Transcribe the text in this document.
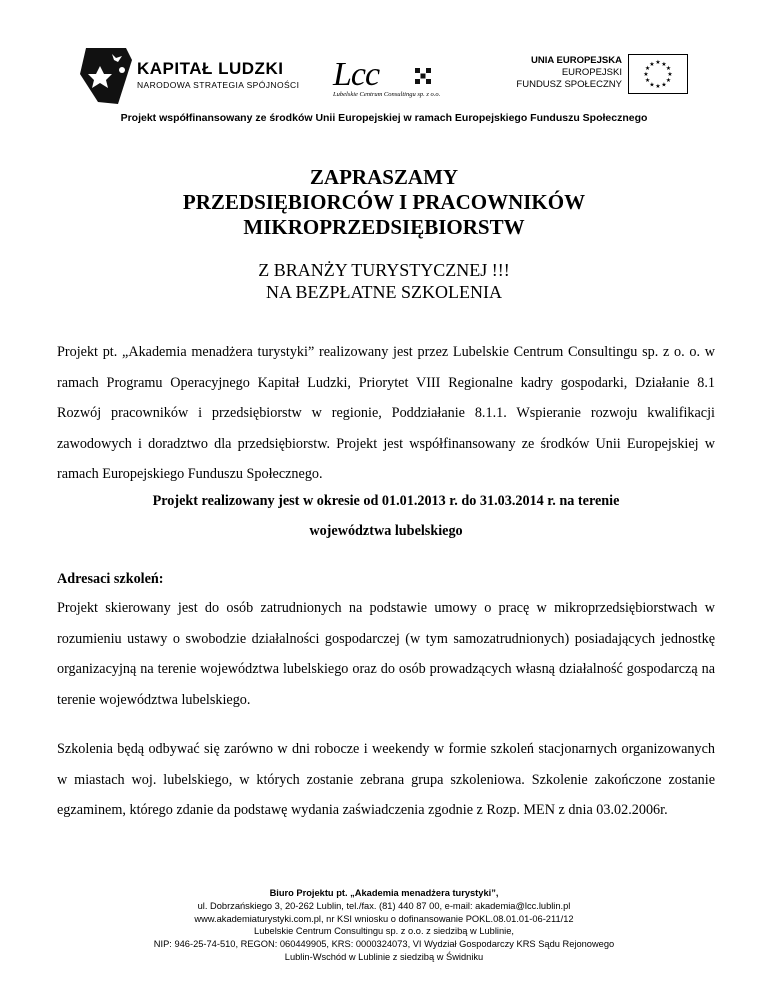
KAPITAŁ LUDZKI
NARODOWA STRATEGIA SPÓJNOŚCI Lcc
Lubelskie Centrum Consultingu sp. z o.o.
UNIA EUROPEJSKA
EUROPEJSKI
FUNDUSZ SPOŁECZNY
★ ★
★
★
★
★
★
★
★
★
★
★
Projekt współfinansowany ze środków Unii Europejskiej w ramach Europejskiego Funduszu Społecznego
ZAPRASZAMY
PRZEDSIĘBIORCÓW I PRACOWNIKÓW
MIKROPRZEDSIĘBIORSTW
Z BRANŻY TURYSTYCZNEJ !!!
NA BEZPŁATNE SZKOLENIA
Projekt pt. „Akademia menadżera turystyki” realizowany jest przez Lubelskie Centrum Consultingu sp. z o. o. w ramach Programu Operacyjnego Kapitał Ludzki, Priorytet VIII Regionalne kadry gospodarki, Działanie 8.1 Rozwój pracowników i przedsiębiorstw w regionie, Poddziałanie 8.1.1. Wspieranie rozwoju kwalifikacji zawodowych i doradztwo dla przedsiębiorstw. Projekt jest współfinansowany ze środków Unii Europejskiej w ramach Europejskiego Funduszu Społecznego.
Projekt realizowany jest w okresie od 01.01.2013 r. do 31.03.2014 r. na terenie
województwa lubelskiego
Adresaci szkoleń:
Projekt skierowany jest do osób zatrudnionych na podstawie umowy o pracę w mikroprzedsiębiorstwach w rozumieniu ustawy o swobodzie działalności gospodarczej (w tym samozatrudnionych) posiadających jednostkę organizacyjną na terenie województwa lubelskiego oraz do osób prowadzących własną działalność gospodarczą na terenie województwa lubelskiego.
Szkolenia będą odbywać się zarówno w dni robocze i weekendy w formie szkoleń stacjonarnych organizowanych w miastach woj. lubelskiego, w których zostanie zebrana grupa szkoleniowa. Szkolenie zakończone zostanie egzaminem, którego zdanie da podstawę wydania zaświadczenia zgodnie z Rozp. MEN z dnia 03.02.2006r.
Biuro Projektu pt. „Akademia menadżera turystyki”,
ul. Dobrzańskiego 3, 20-262 Lublin, tel./fax. (81) 440 87 00, e-mail: akademia@lcc.lublin.pl
www.akademiaturystyki.com.pl, nr KSI wniosku o dofinansowanie POKL.08.01.01-06-211/12
Lubelskie Centrum Consultingu sp. z o.o. z siedzibą w Lublinie,
NIP: 946-25-74-510, REGON: 060449905, KRS: 0000324073, VI Wydział Gospodarczy KRS Sądu Rejonowego
Lublin-Wschód w Lublinie z siedzibą w Świdniku
